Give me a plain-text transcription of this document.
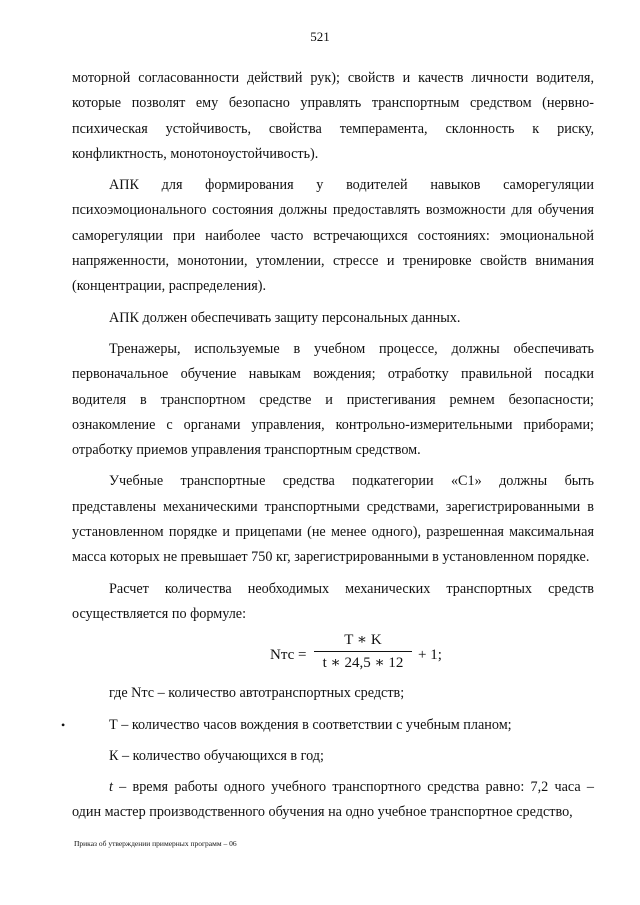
521

моторной согласованности действий рук); свойств и качеств личности водителя, которые позволят ему безопасно управлять транспортным средством (нервно-психическая устойчивость, свойства темперамента, склонность к риску, конфликтность, монотоноустойчивость).

АПК для формирования у водителей навыков саморегуляции психоэмоционального состояния должны предоставлять возможности для обучения саморегуляции при наиболее часто встречающихся состояниях: эмоциональной напряженности, монотонии, утомлении, стрессе и тренировке свойств внимания (концентрации, распределения).

АПК должен обеспечивать защиту персональных данных.

Тренажеры, используемые в учебном процессе, должны обеспечивать первоначальное обучение навыкам вождения; отработку правильной посадки водителя в транспортном средстве и пристегивания ремнем безопасности; ознакомление с органами управления, контрольно-измерительными приборами; отработку приемов управления транспортным средством.

Учебные транспортные средства подкатегории «С1» должны быть представлены механическими транспортными средствами, зарегистрированными в установленном порядке и прицепами (не менее одного), разрешенная максимальная масса которых не превышает 750 кг, зарегистрированными в установленном порядке.

Расчет количества необходимых механических транспортных средств осуществляется по формуле:

Nтс = $\frac{T ∗ K}{t ∗ 24,5 ∗ 12} + 1$;

где Nтс – количество автотранспортных средств;

•	Т – количество часов вождения в соответствии с учебным планом;

К – количество обучающихся в год;

t – время работы одного учебного транспортного средства равно: 7,2 часа – один мастер производственного обучения на одно учебное транспортное средство,

Приказ об утверждении примерных программ – 06
